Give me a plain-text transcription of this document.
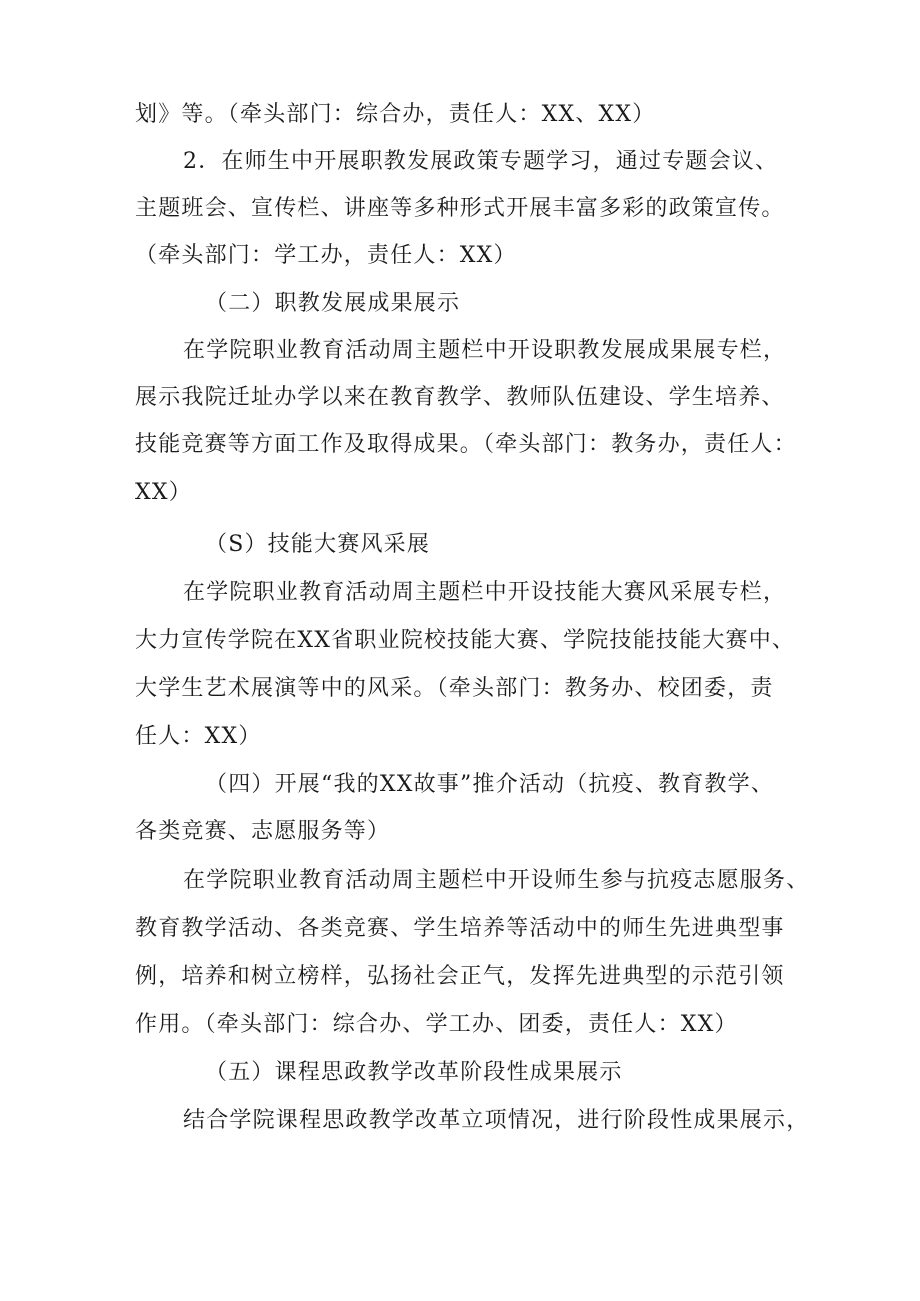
划》等。（牵头部门：综合办，责任人：XX、XX）
2．在师生中开展职教发展政策专题学习，通过专题会议、
主题班会、宣传栏、讲座等多种形式开展丰富多彩的政策宣传。
（牵头部门：学工办，责任人：XX）
（二）职教发展成果展示
在学院职业教育活动周主题栏中开设职教发展成果展专栏，
展示我院迁址办学以来在教育教学、教师队伍建设、学生培养、
技能竞赛等方面工作及取得成果。（牵头部门：教务办，责任人：
XX）
（S）技能大赛风采展
在学院职业教育活动周主题栏中开设技能大赛风采展专栏，
大力宣传学院在XX省职业院校技能大赛、学院技能技能大赛中、
大学生艺术展演等中的风采。（牵头部门：教务办、校团委，责
任人：XX）
（四）开展“我的XX故事”推介活动（抗疫、教育教学、
各类竞赛、志愿服务等）
在学院职业教育活动周主题栏中开设师生参与抗疫志愿服务、
教育教学活动、各类竞赛、学生培养等活动中的师生先进典型事
例，培养和树立榜样，弘扬社会正气，发挥先进典型的示范引领
作用。（牵头部门：综合办、学工办、团委，责任人：XX）
（五）课程思政教学改革阶段性成果展示
结合学院课程思政教学改革立项情况，进行阶段性成果展示，
